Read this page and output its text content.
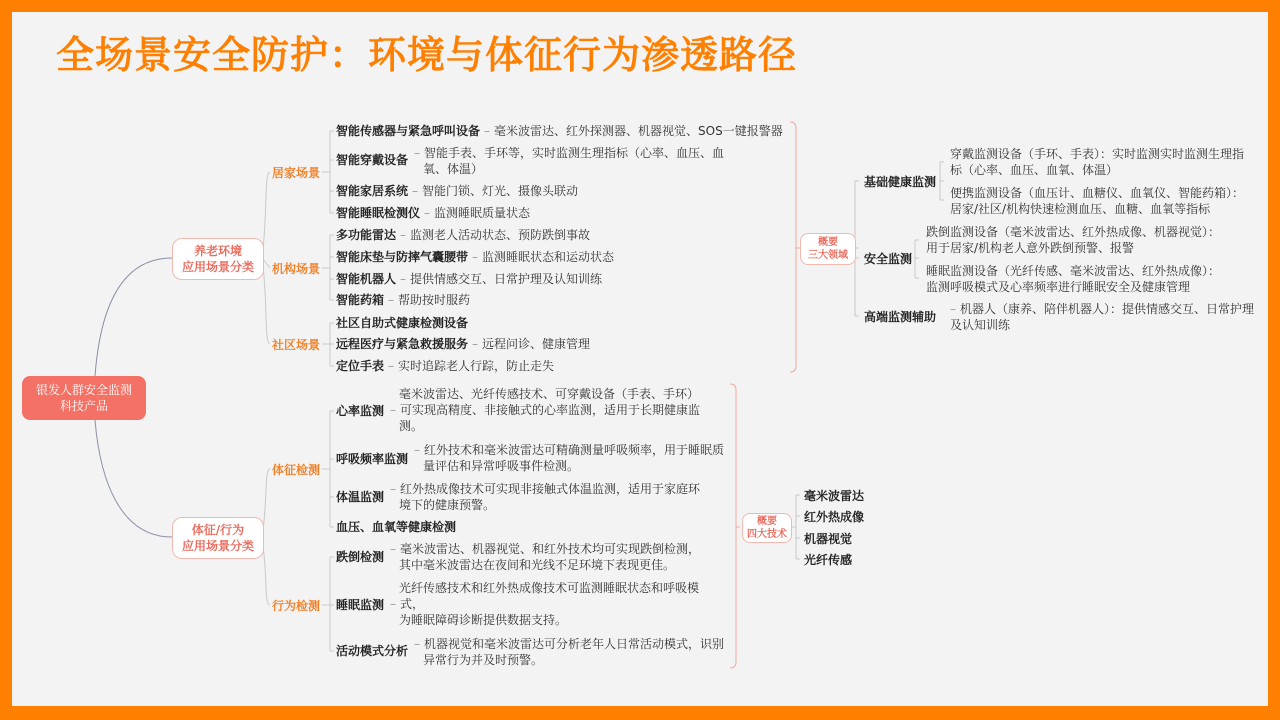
全场景安全防护：环境与体征行为渗透路径
银发人群安全监测
科技产品
养老环境
应用场景分类
体征/行为
应用场景分类
居家场景
机构场景
社区场景
体征检测
行为检测
智能传感器与紧急呼叫设备 – 毫米波雷达、红外探测器、机器视觉、SOS一键报警器
智能穿戴设备 – 智能手表、手环等，实时监测生理指标（心率、血压、血
氧、体温）
智能家居系统 – 智能门锁、灯光、摄像头联动
智能睡眠检测仪 – 监测睡眠质量状态
多功能雷达 – 监测老人活动状态、预防跌倒事故
智能床垫与防摔气囊腰带 – 监测睡眠状态和运动状态
智能机器人 – 提供情感交互、日常护理及认知训练
智能药箱 – 帮助按时服药
社区自助式健康检测设备
远程医疗与紧急救援服务 – 远程问诊、健康管理
定位手表 – 实时追踪老人行踪，防止走失
心率监测
毫米波雷达、光纤传感技术、可穿戴设备（手表、手环）
– 可实现高精度、非接触式的心率监测，适用于长期健康监
测。
呼吸频率监测
– 红外技术和毫米波雷达可精确测量呼吸频率，用于睡眠质
量评估和异常呼吸事件检测。
体温监测
– 红外热成像技术可实现非接触式体温监测，适用于家庭环
境下的健康预警。
血压、血氧等健康检测
跌倒检测
– 毫米波雷达、机器视觉、和红外技术均可实现跌倒检测，
其中毫米波雷达在夜间和光线不足环境下表现更佳。
睡眠监测
光纤传感技术和红外热成像技术可监测睡眠状态和呼吸模
– 式，
为睡眠障碍诊断提供数据支持。
活动模式分析 – 机器视觉和毫米波雷达可分析老年人日常活动模式，识别
异常行为并及时预警。
概要
三大领域
基础健康监测
安全监测
高端监测辅助
穿戴监测设备（手环、手表）：实时监测实时监测生理指
标（心率、血压、血氧、体温）
便携监测设备（血压计、血糖仪、血氧仪、智能药箱）：
居家/社区/机构快速检测血压、血糖、血氧等指标
跌倒监测设备（毫米波雷达、红外热成像、机器视觉）：
用于居家/机构老人意外跌倒预警、报警
睡眠监测设备（光纤传感、毫米波雷达、红外热成像）：
监测呼吸模式及心率频率进行睡眠安全及健康管理
– 机器人（康养、陪伴机器人）：提供情感交互、日常护理
及认知训练
概要
四大技术
毫米波雷达
红外热成像
机器视觉
光纤传感
